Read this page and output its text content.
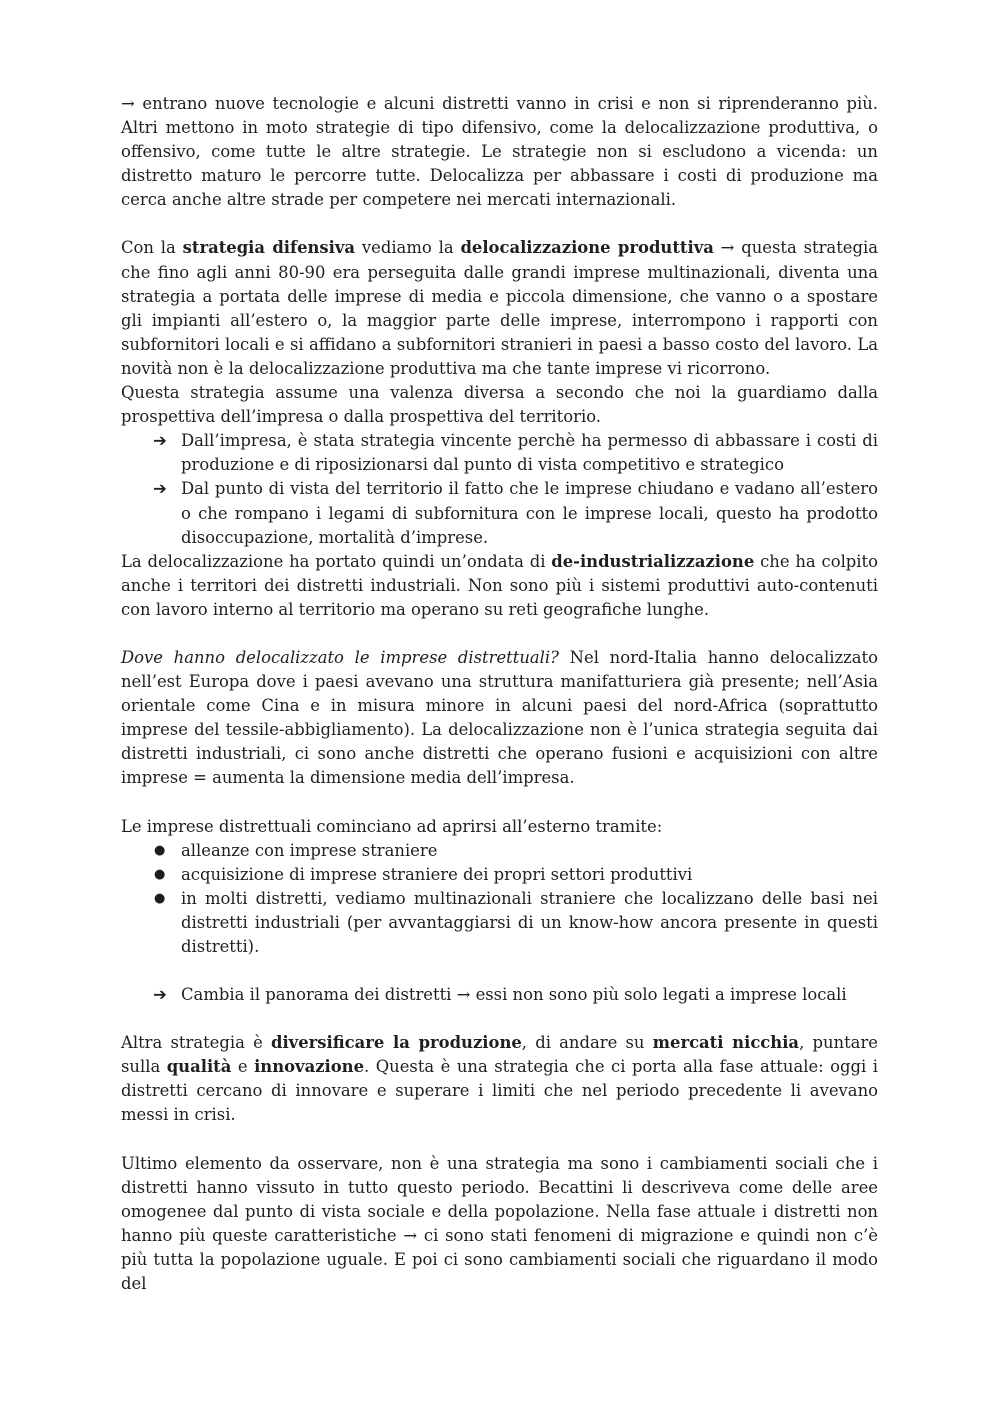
→ entrano nuove tecnologie e alcuni distretti vanno in crisi e non si riprenderanno più. Altri mettono in moto strategie di tipo difensivo, come la delocalizzazione produttiva, o offensivo, come tutte le altre strategie. Le strategie non si escludono a vicenda: un distretto maturo le percorre tutte. Delocalizza per abbassare i costi di produzione ma cerca anche altre strade per competere nei mercati internazionali.

Con la strategia difensiva vediamo la delocalizzazione produttiva → questa strategia che fino agli anni 80-90 era perseguita dalle grandi imprese multinazionali, diventa una strategia a portata delle imprese di media e piccola dimensione, che vanno o a spostare gli impianti all’estero o, la maggior parte delle imprese, interrompono i rapporti con subfornitori locali e si affidano a subfornitori stranieri in paesi a basso costo del lavoro. La novità non è la delocalizzazione produttiva ma che tante imprese vi ricorrono.

Questa strategia assume una valenza diversa a secondo che noi la guardiamo dalla prospettiva dell’impresa o dalla prospettiva del territorio.

➔ Dall’impresa, è stata strategia vincente perchè ha permesso di abbassare i costi di produzione e di riposizionarsi dal punto di vista competitivo e strategico
➔ Dal punto di vista del territorio il fatto che le imprese chiudano e vadano all’estero o che rompano i legami di subfornitura con le imprese locali, questo ha prodotto disoccupazione, mortalità d’imprese.

La delocalizzazione ha portato quindi un’ondata di de-industrializzazione che ha colpito anche i territori dei distretti industriali. Non sono più i sistemi produttivi auto-contenuti con lavoro interno al territorio ma operano su reti geografiche lunghe.

Dove hanno delocalizzato le imprese distrettuali? Nel nord-Italia hanno delocalizzato nell’est Europa dove i paesi avevano una struttura manifatturiera già presente; nell’Asia orientale come Cina e in misura minore in alcuni paesi del nord-Africa (soprattutto imprese del tessile-abbigliamento). La delocalizzazione non è l’unica strategia seguita dai distretti industriali, ci sono anche distretti che operano fusioni e acquisizioni con altre imprese = aumenta la dimensione media dell’impresa.

Le imprese distrettuali cominciano ad aprirsi all’esterno tramite:

● alleanze con imprese straniere
● acquisizione di imprese straniere dei propri settori produttivi
● in molti distretti, vediamo multinazionali straniere che localizzano delle basi nei distretti industriali (per avvantaggiarsi di un know-how ancora presente in questi distretti).
➔ Cambia il panorama dei distretti → essi non sono più solo legati a imprese locali

Altra strategia è diversificare la produzione, di andare su mercati nicchia, puntare sulla qualità e innovazione. Questa è una strategia che ci porta alla fase attuale: oggi i distretti cercano di innovare e superare i limiti che nel periodo precedente li avevano messi in crisi.

Ultimo elemento da osservare, non è una strategia ma sono i cambiamenti sociali che i distretti hanno vissuto in tutto questo periodo. Becattini li descriveva come delle aree omogenee dal punto di vista sociale e della popolazione. Nella fase attuale i distretti non hanno più queste caratteristiche → ci sono stati fenomeni di migrazione e quindi non c’è più tutta la popolazione uguale. E poi ci sono cambiamenti sociali che riguardano il modo del
